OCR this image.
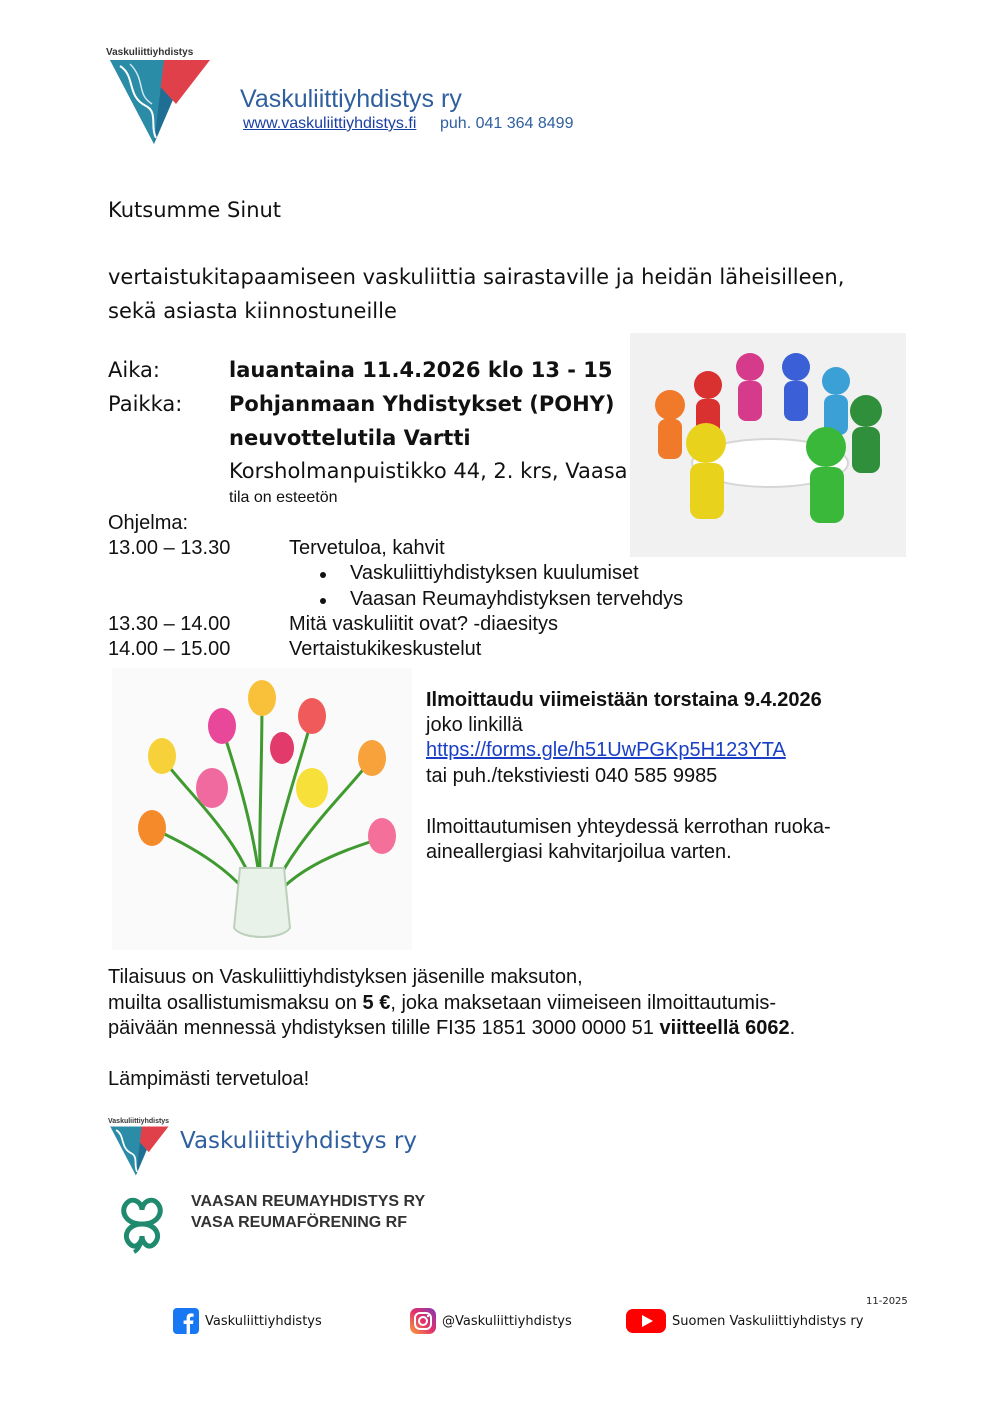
Vaskuliittiyhdistys
Vaskuliittiyhdistys ry
www.vaskuliittiyhdistys.fi puh. 041 364 8499
Kutsumme Sinut
vertaistukitapaamiseen vaskuliittia sairastaville ja heidän läheisilleen,
sekä asiasta kiinnostuneille
Aika:	lauantaina 11.4.2026 klo 13 - 15
Paikka: Pohjanmaan Yhdistykset (POHY)
neuvottelutila Vartti
Korsholmanpuistikko 44, 2. krs, Vaasa
tila on esteetön
Ohjelma:
13.00 – 13.30	Tervetuloa, kahvit
Vaskuliittiyhdistyksen kuulumiset
Vaasan Reumayhdistyksen tervehdys
13.30 – 14.00	Mitä vaskuliitit ovat? -diaesitys
14.00 – 15.00	Vertaistukikeskustelut
Ilmoittaudu viimeistään torstaina 9.4.2026
joko linkillä
https://forms.gle/h51UwPGKp5H123YTA
tai puh./tekstiviesti 040 585 9985
Ilmoittautumisen yhteydessä kerrothan ruoka-
aineallergiasi kahvitarjoilua varten.
Tilaisuus on Vaskuliittiyhdistyksen jäsenille maksuton,
muilta osallistumismaksu on 5 €, joka maksetaan viimeiseen ilmoittautumis-
päivään mennessä yhdistyksen tilille FI35 1851 3000 0000 51 viitteellä 6062.
Lämpimästi tervetuloa!
Vaskuliittiyhdistys
Vaskuliittiyhdistys ry
VAASAN REUMAYHDISTYS RY
VASA REUMAFÖRENING RF
11-2025
Vaskuliittiyhdistys	@Vaskuliittiyhdistys	Suomen Vaskuliittiyhdistys ry
